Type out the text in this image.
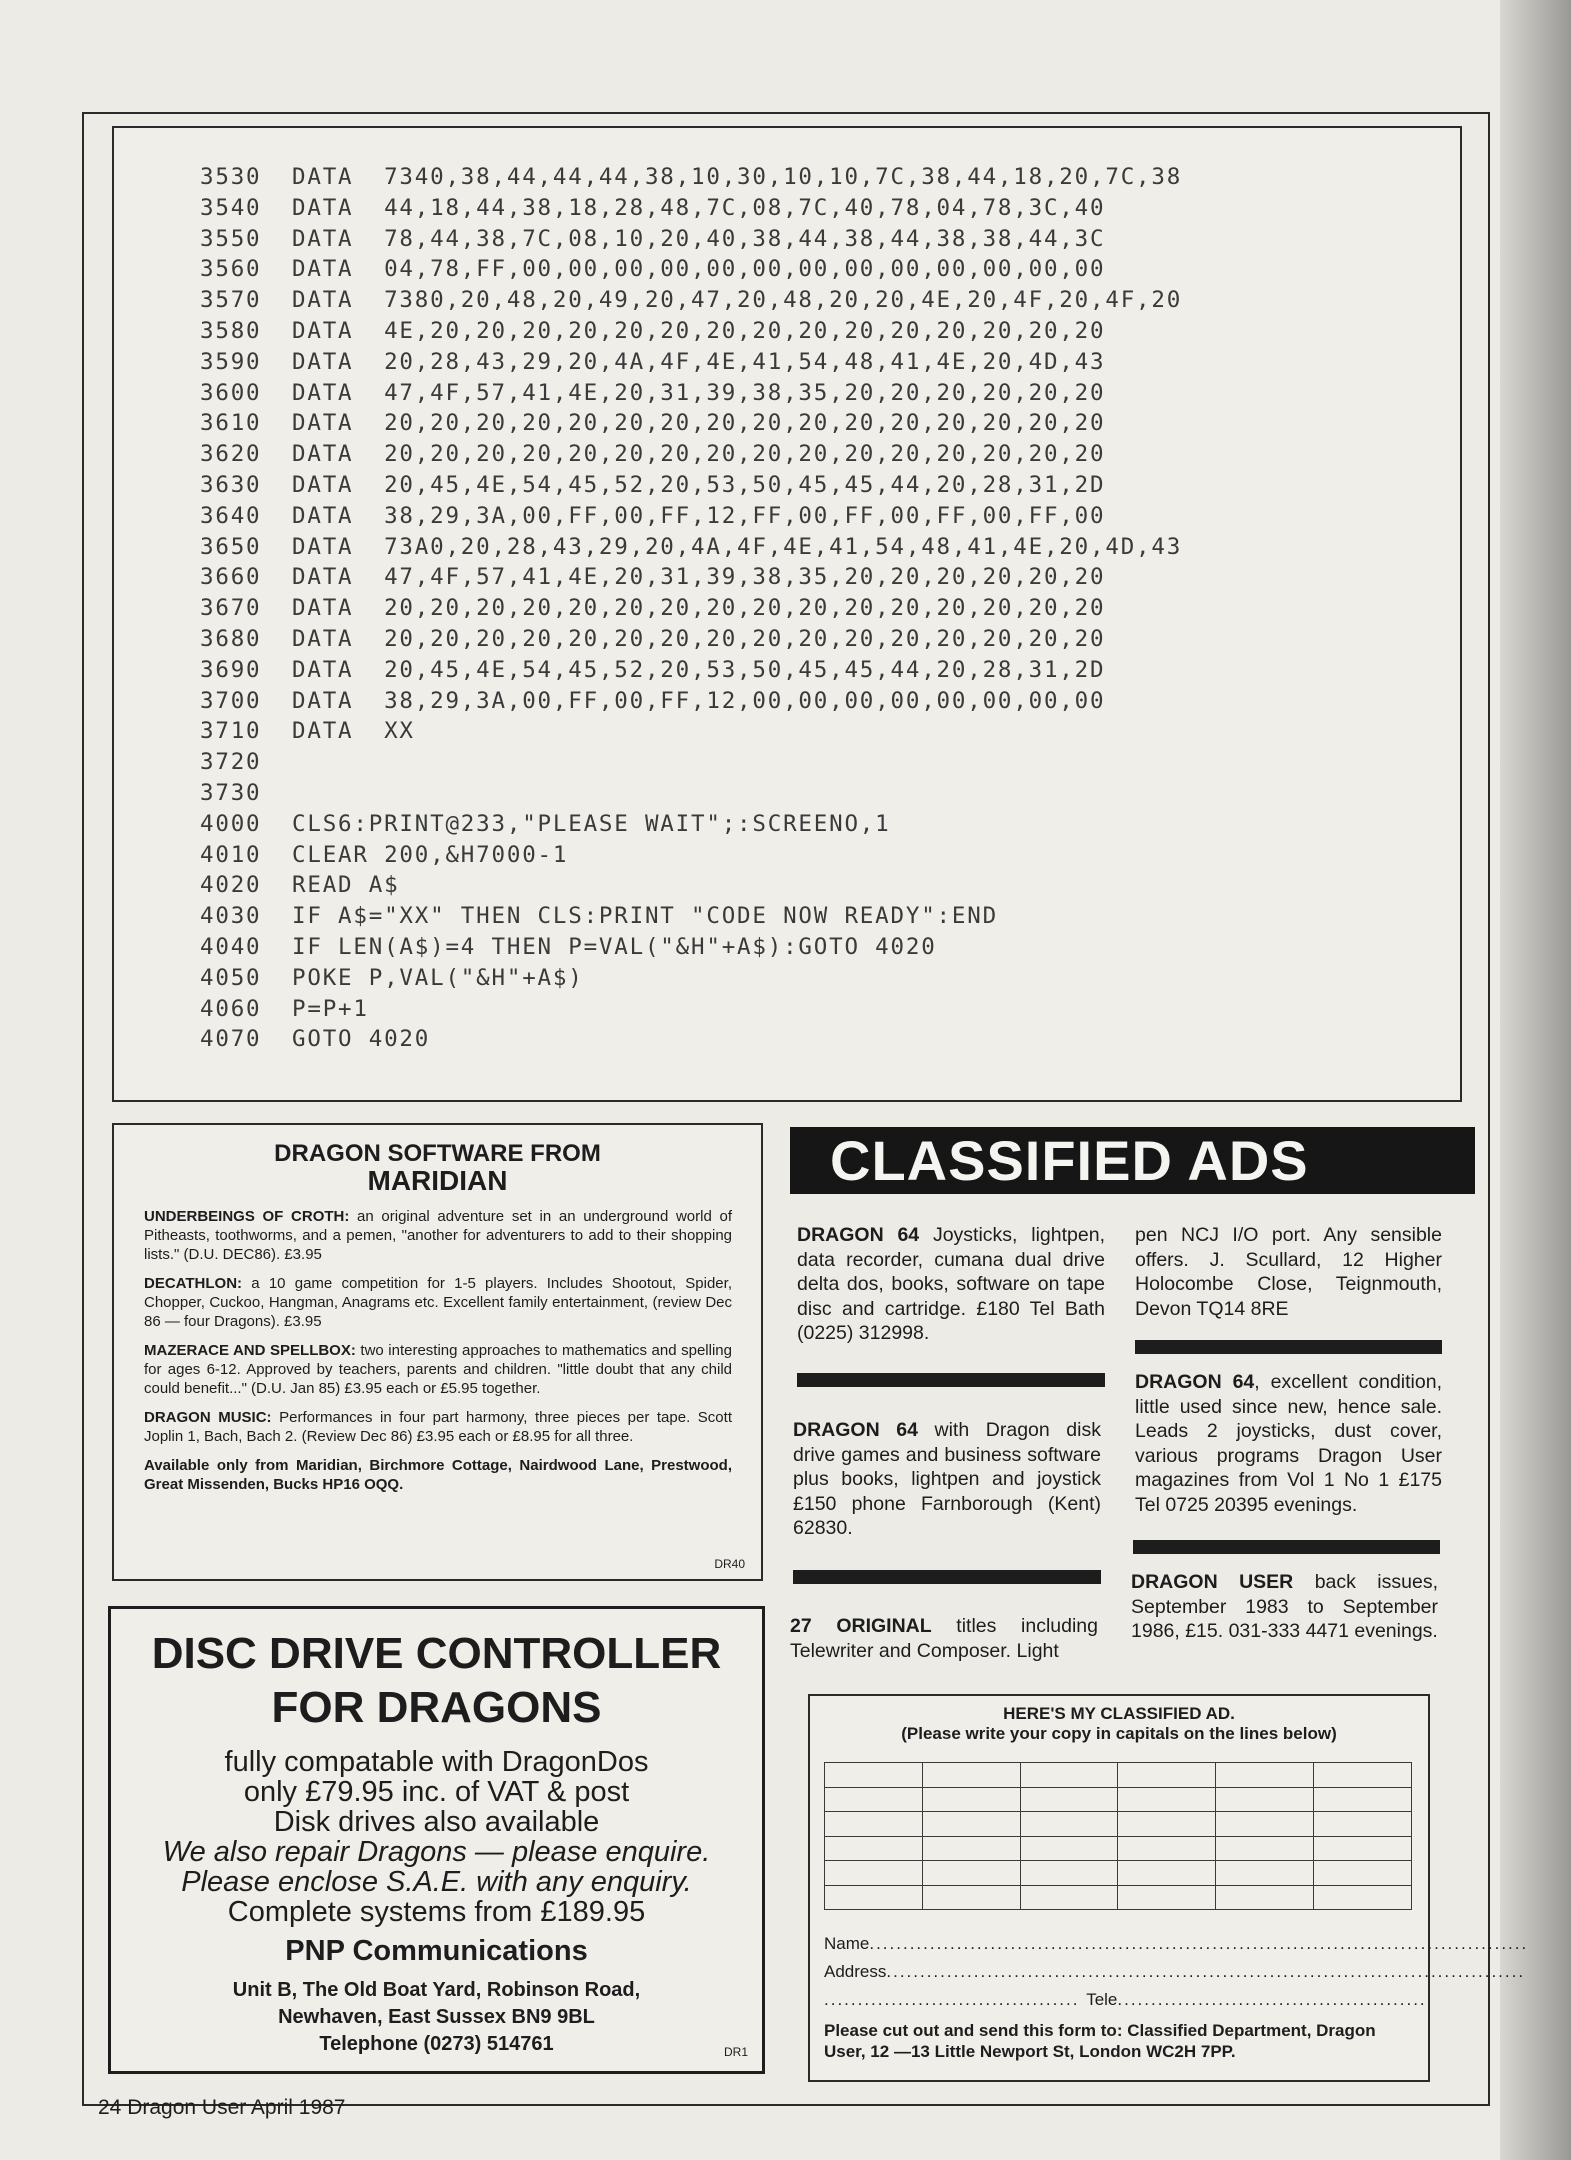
3530 DATA  7340,38,44,44,44,38,10,30,10,10,7C,38,44,18,20,7C,38
3540 DATA  44,18,44,38,18,28,48,7C,08,7C,40,78,04,78,3C,40
3550 DATA  78,44,38,7C,08,10,20,40,38,44,38,44,38,38,44,3C
3560 DATA  04,78,FF,00,00,00,00,00,00,00,00,00,00,00,00,00
3570 DATA  7380,20,48,20,49,20,47,20,48,20,20,4E,20,4F,20,4F,20
3580 DATA  4E,20,20,20,20,20,20,20,20,20,20,20,20,20,20,20
3590 DATA  20,28,43,29,20,4A,4F,4E,41,54,48,41,4E,20,4D,43
3600 DATA  47,4F,57,41,4E,20,31,39,38,35,20,20,20,20,20,20
3610 DATA  20,20,20,20,20,20,20,20,20,20,20,20,20,20,20,20
3620 DATA  20,20,20,20,20,20,20,20,20,20,20,20,20,20,20,20
3630 DATA  20,45,4E,54,45,52,20,53,50,45,45,44,20,28,31,2D
3640 DATA  38,29,3A,00,FF,00,FF,12,FF,00,FF,00,FF,00,FF,00
3650 DATA  73A0,20,28,43,29,20,4A,4F,4E,41,54,48,41,4E,20,4D,43
3660 DATA  47,4F,57,41,4E,20,31,39,38,35,20,20,20,20,20,20
3670 DATA  20,20,20,20,20,20,20,20,20,20,20,20,20,20,20,20
3680 DATA  20,20,20,20,20,20,20,20,20,20,20,20,20,20,20,20
3690 DATA  20,45,4E,54,45,52,20,53,50,45,45,44,20,28,31,2D
3700 DATA  38,29,3A,00,FF,00,FF,12,00,00,00,00,00,00,00,00
3710 DATA  XX
3720
3730
4000 CLS6:PRINT@233,"PLEASE WAIT";:SCREENO,1
4010 CLEAR 200,&H7000-1
4020 READ A$
4030 IF A$="XX" THEN CLS:PRINT "CODE NOW READY":END
4040 IF LEN(A$)=4 THEN P=VAL("&H"+A$):GOTO 4020
4050 POKE P,VAL("&H"+A$)
4060 P=P+1
4070 GOTO 4020
DRAGON SOFTWARE FROM
MARIDIAN

UNDERBEINGS OF CROTH: an original adventure set in an underground world of Pitheasts, toothworms, and a pemen, "another for adventurers to add to their shopping lists." (D.U. DEC86). £3.95

DECATHLON: a 10 game competition for 1-5 players. Includes Shootout, Spider, Chopper, Cuckoo, Hangman, Anagrams etc. Excellent family entertainment, (review Dec 86 — four Dragons). £3.95

MAZERACE AND SPELLBOX: two interesting approaches to mathematics and spelling for ages 6-12. Approved by teachers, parents and children. "little doubt that any child could benefit..." (D.U. Jan 85) £3.95 each or £5.95 together.

DRAGON MUSIC: Performances in four part harmony, three pieces per tape. Scott Joplin 1, Bach, Bach 2. (Review Dec 86) £3.95 each or £8.95 for all three.

Available only from Maridian, Birchmore Cottage, Nairdwood Lane, Prestwood, Great Missenden, Bucks HP16 OQQ.

DR40
DISC DRIVE CONTROLLER
FOR DRAGONS
fully compatable with DragonDos
only £79.95 inc. of VAT & post
Disk drives also available
We also repair Dragons — please enquire.
Please enclose S.A.E. with any enquiry.
Complete systems from £189.95
PNP Communications
Unit B, The Old Boat Yard, Robinson Road,
Newhaven, East Sussex BN9 9BL
Telephone (0273) 514761	DR1
CLASSIFIED ADS
DRAGON 64 Joysticks, lightpen, data recorder, cumana dual drive delta dos, books, software on tape disc and cartridge. £180 Tel Bath (0225) 312998.
DRAGON 64 with Dragon disk drive games and business software plus books, lightpen and joystick £150 phone Farnborough (Kent) 62830.
27 ORIGINAL titles including Telewriter and Composer. Light
pen NCJ I/O port. Any sensible offers. J. Scullard, 12 Higher Holocombe Close, Teignmouth, Devon TQ14 8RE
DRAGON 64, excellent condition, little used since new, hence sale. Leads 2 joysticks, dust cover, various programs Dragon User magazines from Vol 1 No 1 £175 Tel 0725 20395 evenings.
DRAGON USER back issues, September 1983 to September 1986, £15. 031-333 4471 evenings.
HERE'S MY CLASSIFIED AD.
(Please write your copy in capitals on the lines below)

Name..................................................................................................
Address...............................................................................................
...................................... Tele..............................................
Please cut out and send this form to: Classified Department, Dragon User, 12 —13 Little Newport St, London WC2H 7PP.
24 Dragon User April 1987
